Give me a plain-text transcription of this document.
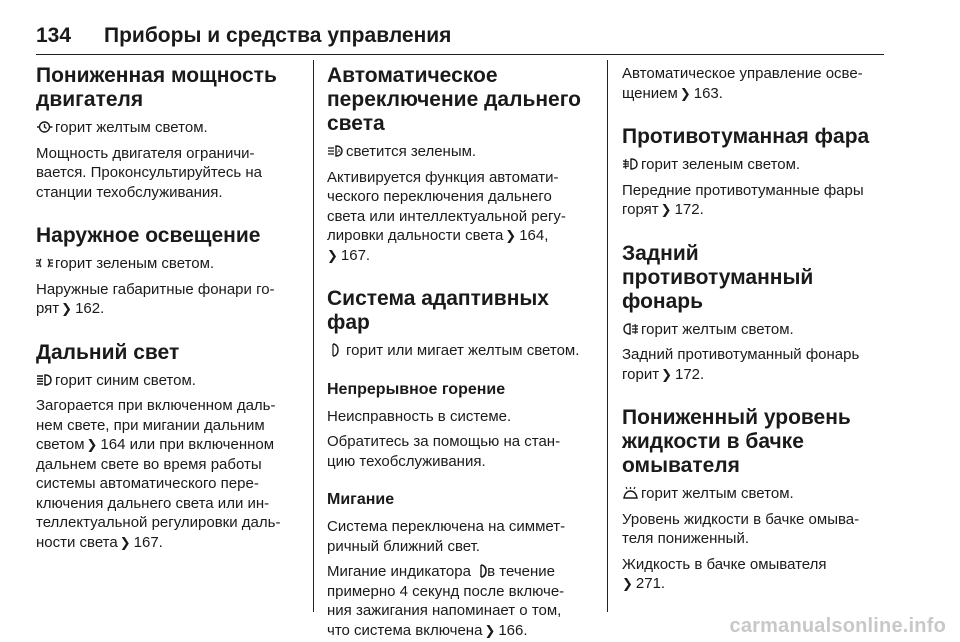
134	Приборы и средства управления
Пониженная мощность
двигателя

горит желтым светом.

Мощность двигателя ограничи-
вается. Проконсультируйтесь на
станции техобслуживания.

Наружное освещение

горит зеленым светом.

Наружные габаритные фонари го-
рят ❯ 162.

Дальний свет

горит синим светом.

Загорается при включенном даль-
нем свете, при мигании дальним
светом ❯ 164 или при включенном
дальнем свете во время работы
системы автоматического пере-
ключения дальнего света или ин-
теллектуальной регулировки даль-
ности света ❯ 167.

Автоматическое
переключение дальнего
света

A светится зеленым.

Активируется функция автомати-
ческого переключения дальнего
света или интеллектуальной регу-
лировки дальности света ❯ 164,
❯ 167.

Система адаптивных фар

горит или мигает желтым светом.

Непрерывное горение

Неисправность в системе.

Обратитесь за помощью на стан-
цию техобслуживания.

Мигание

Система переключена на симмет-
ричный ближний свет.

Мигание индикатора в течение
примерно 4 секунд после включе-
ния зажигания напоминает о том,
что система включена ❯ 166.

Автоматическое управление осве-
щением ❯ 163.

Противотуманная фара

горит зеленым светом.

Передние противотуманные фары
горят ❯ 172.

Задний противотуманный
фонарь

горит желтым светом.

Задний противотуманный фонарь
горит ❯ 172.

Пониженный уровень
жидкости в бачке
омывателя

горит желтым светом.

Уровень жидкости в бачке омыва-
теля пониженный.

Жидкость в бачке омывателя
❯ 271.

carmanualsonline.info
